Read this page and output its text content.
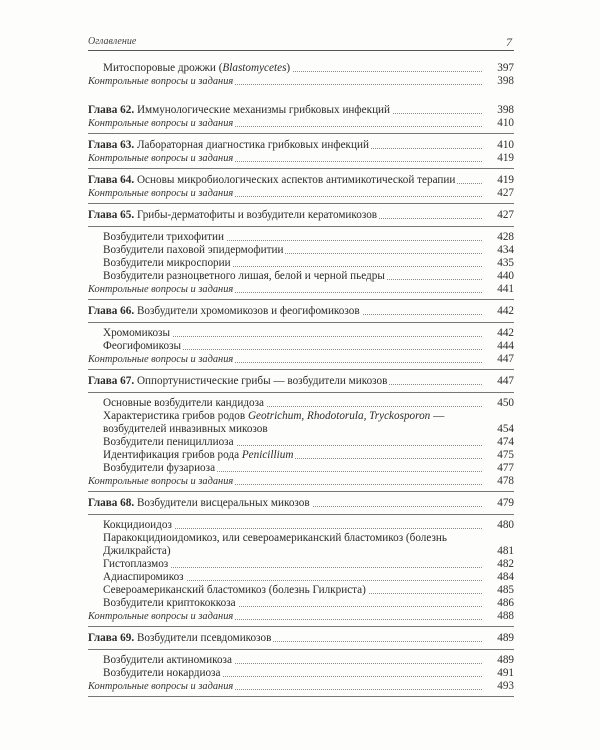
Оглавление	7
Митоспоровые дрожжи (Blastomycetes)	397
Контрольные вопросы и задания	398
Глава 62. Иммунологические механизмы грибковых инфекций	398
Контрольные вопросы и задания	410
Глава 63. Лабораторная диагностика грибковых инфекций	410
Контрольные вопросы и задания	419
Глава 64. Основы микробиологических аспектов антимикотической терапии	419
Контрольные вопросы и задания	427
Глава 65. Грибы-дерматофиты и возбудители кератомикозов	427
Возбудители трихофитии	428
Возбудители паховой эпидермофитии	434
Возбудители микроспории	435
Возбудители разноцветного лишая, белой и черной пьедры	440
Контрольные вопросы и задания	441
Глава 66. Возбудители хромомикозов и феогифомикозов	442
Хромомикозы	442
Феогифомикозы	444
Контрольные вопросы и задания	447
Глава 67. Оппортунистические грибы — возбудители микозов	447
Основные возбудители кандидоза	450
Характеристика грибов родов Geotrichum, Rhodotorula, Tryckosporon — возбудителей инвазивных микозов	454
Возбудители пенициллиоза	474
Идентификация грибов рода Penicillium	475
Возбудители фузариоза	477
Контрольные вопросы и задания	478
Глава 68. Возбудители висцеральных микозов	479
Кокцидиоидоз	480
Паракокцидиоидомикоз, или североамериканский бластомикоз (болезнь Джилкрайста)	481
Гистоплазмоз	482
Адиаспиромикоз	484
Североамериканский бластомикоз (болезнь Гилкриста)	485
Возбудители криптококкоза	486
Контрольные вопросы и задания	488
Глава 69. Возбудители псевдомикозов	489
Возбудители актиномикоза	489
Возбудители нокардиоза	491
Контрольные вопросы и задания	493
